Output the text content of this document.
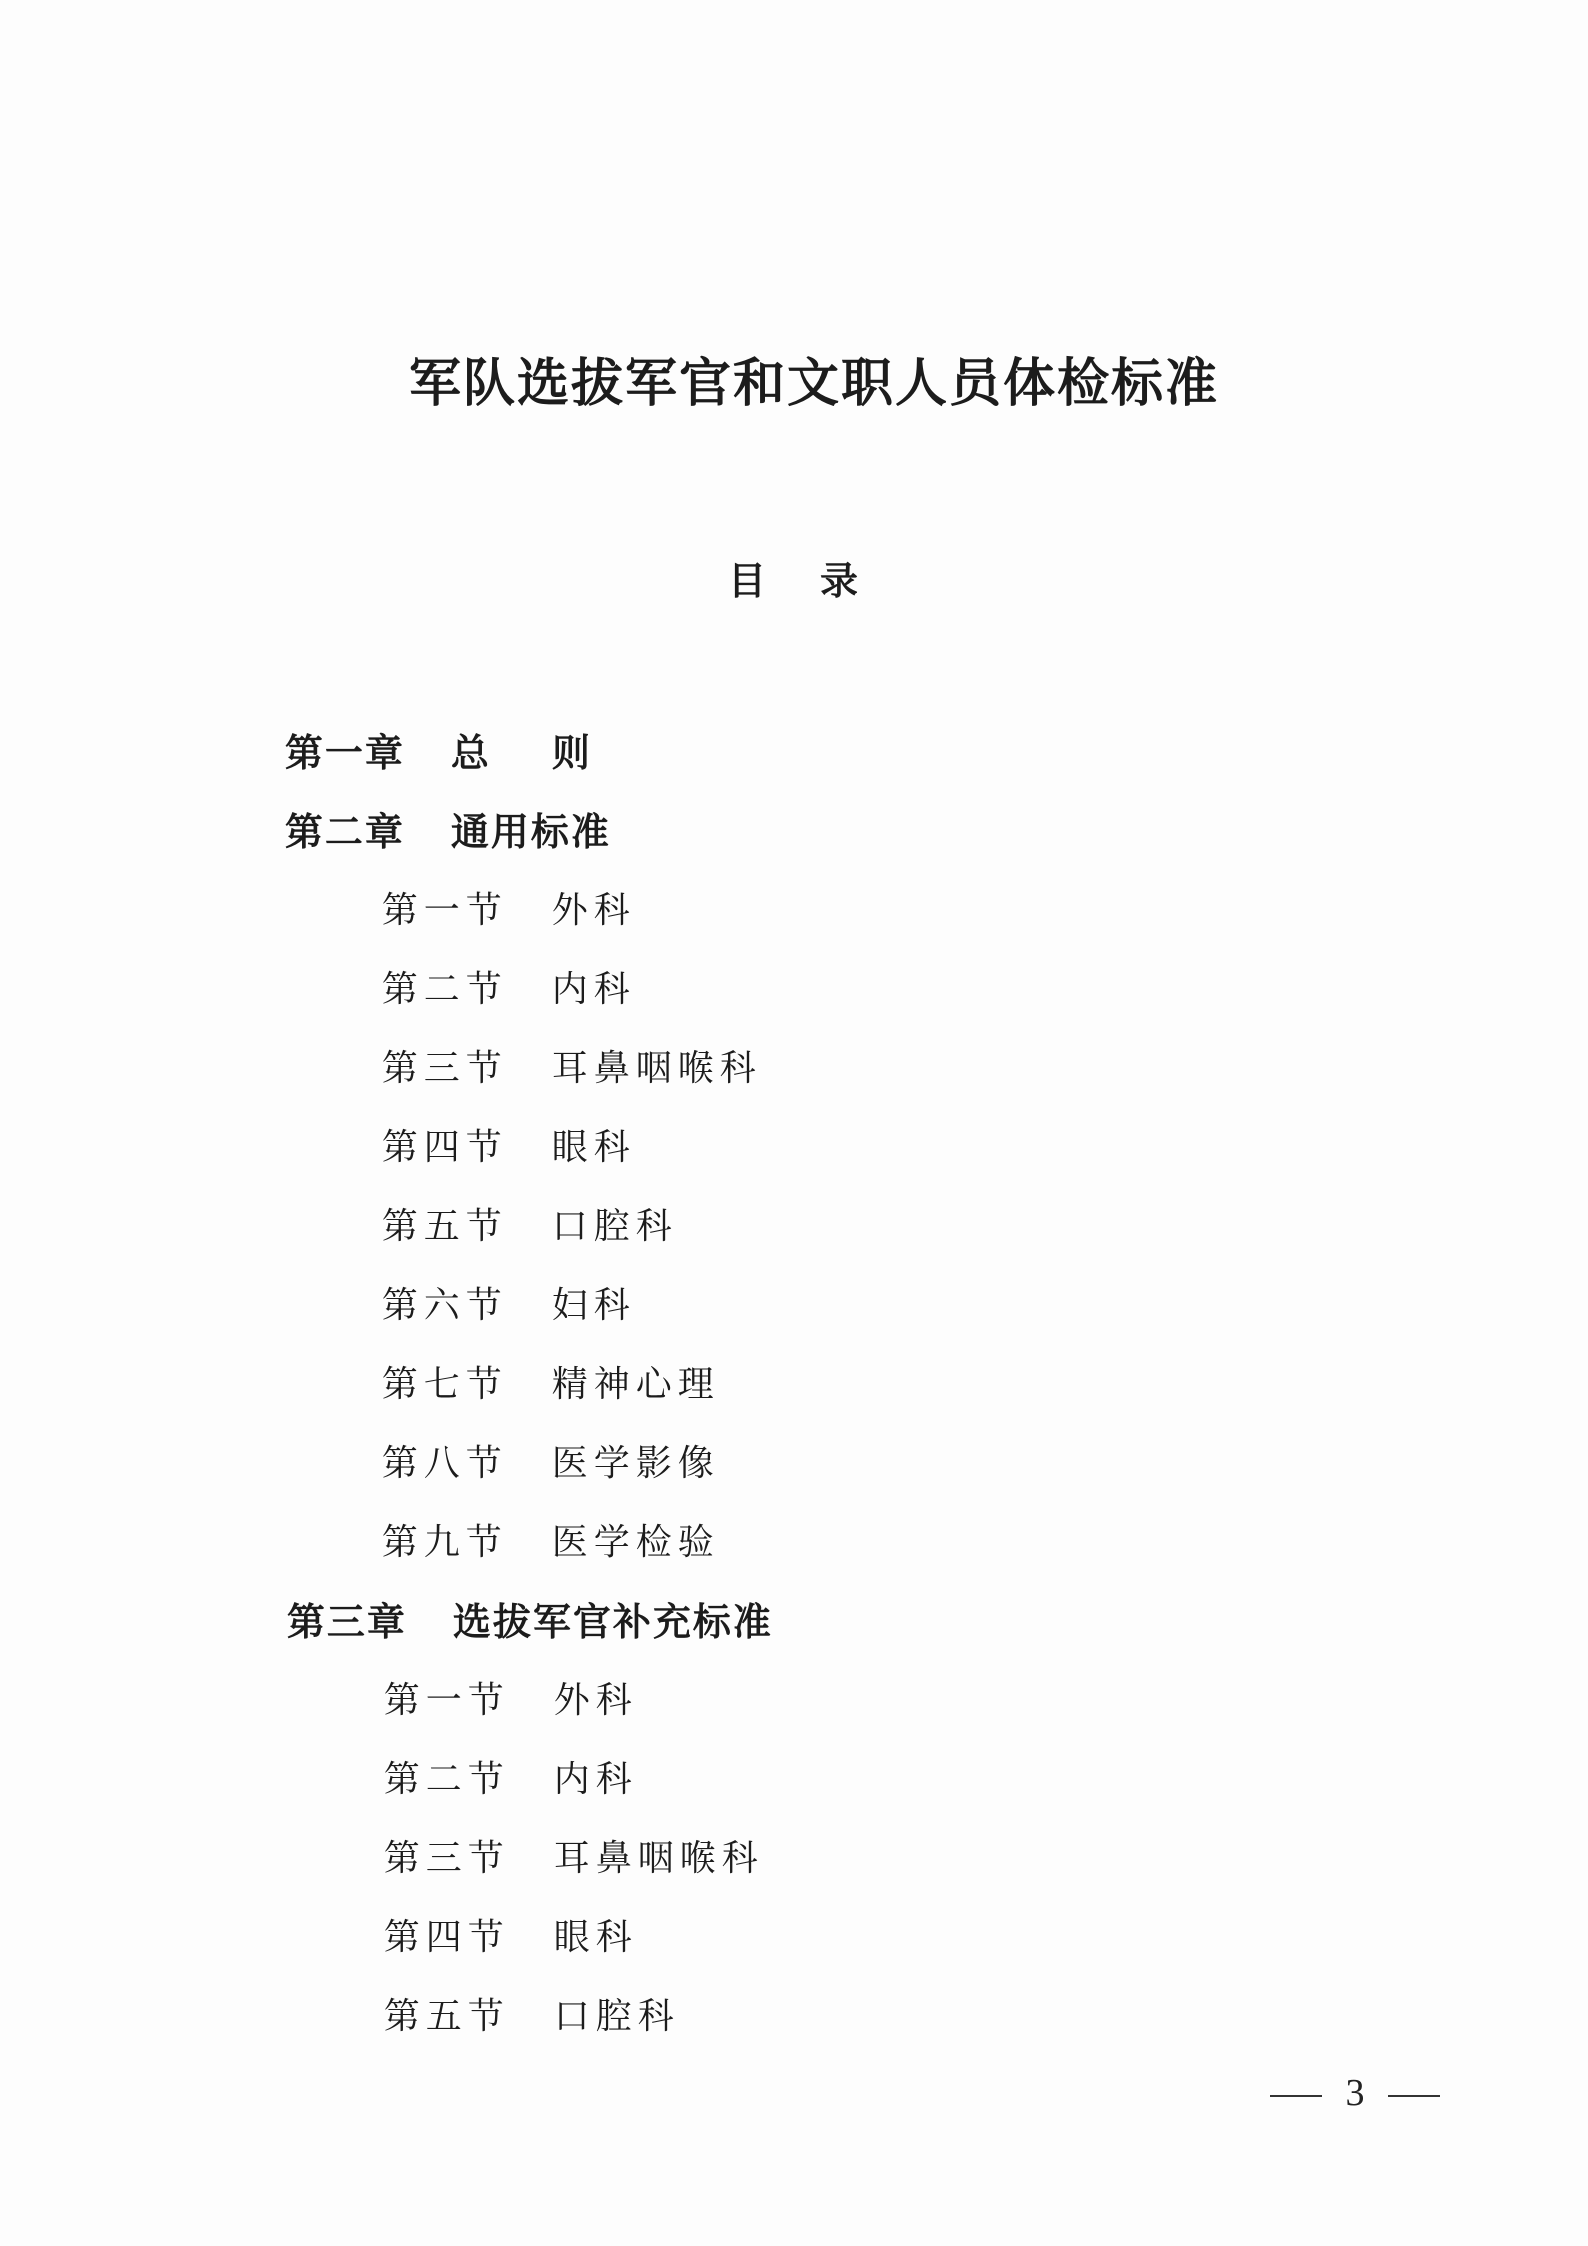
军队选拔军官和文职人员体检标准
目录

第一章 总    则

第二章 通用标准

第一节 外科

第二节 内科

第三节 耳鼻咽喉科

第四节 眼科

第五节 口腔科

第六节 妇科

第七节 精神心理

第八节 医学影像

第九节 医学检验

第三章 选拔军官补充标准

第一节 外科

第二节 内科

第三节 耳鼻咽喉科

第四节 眼科

第五节 口腔科

3
